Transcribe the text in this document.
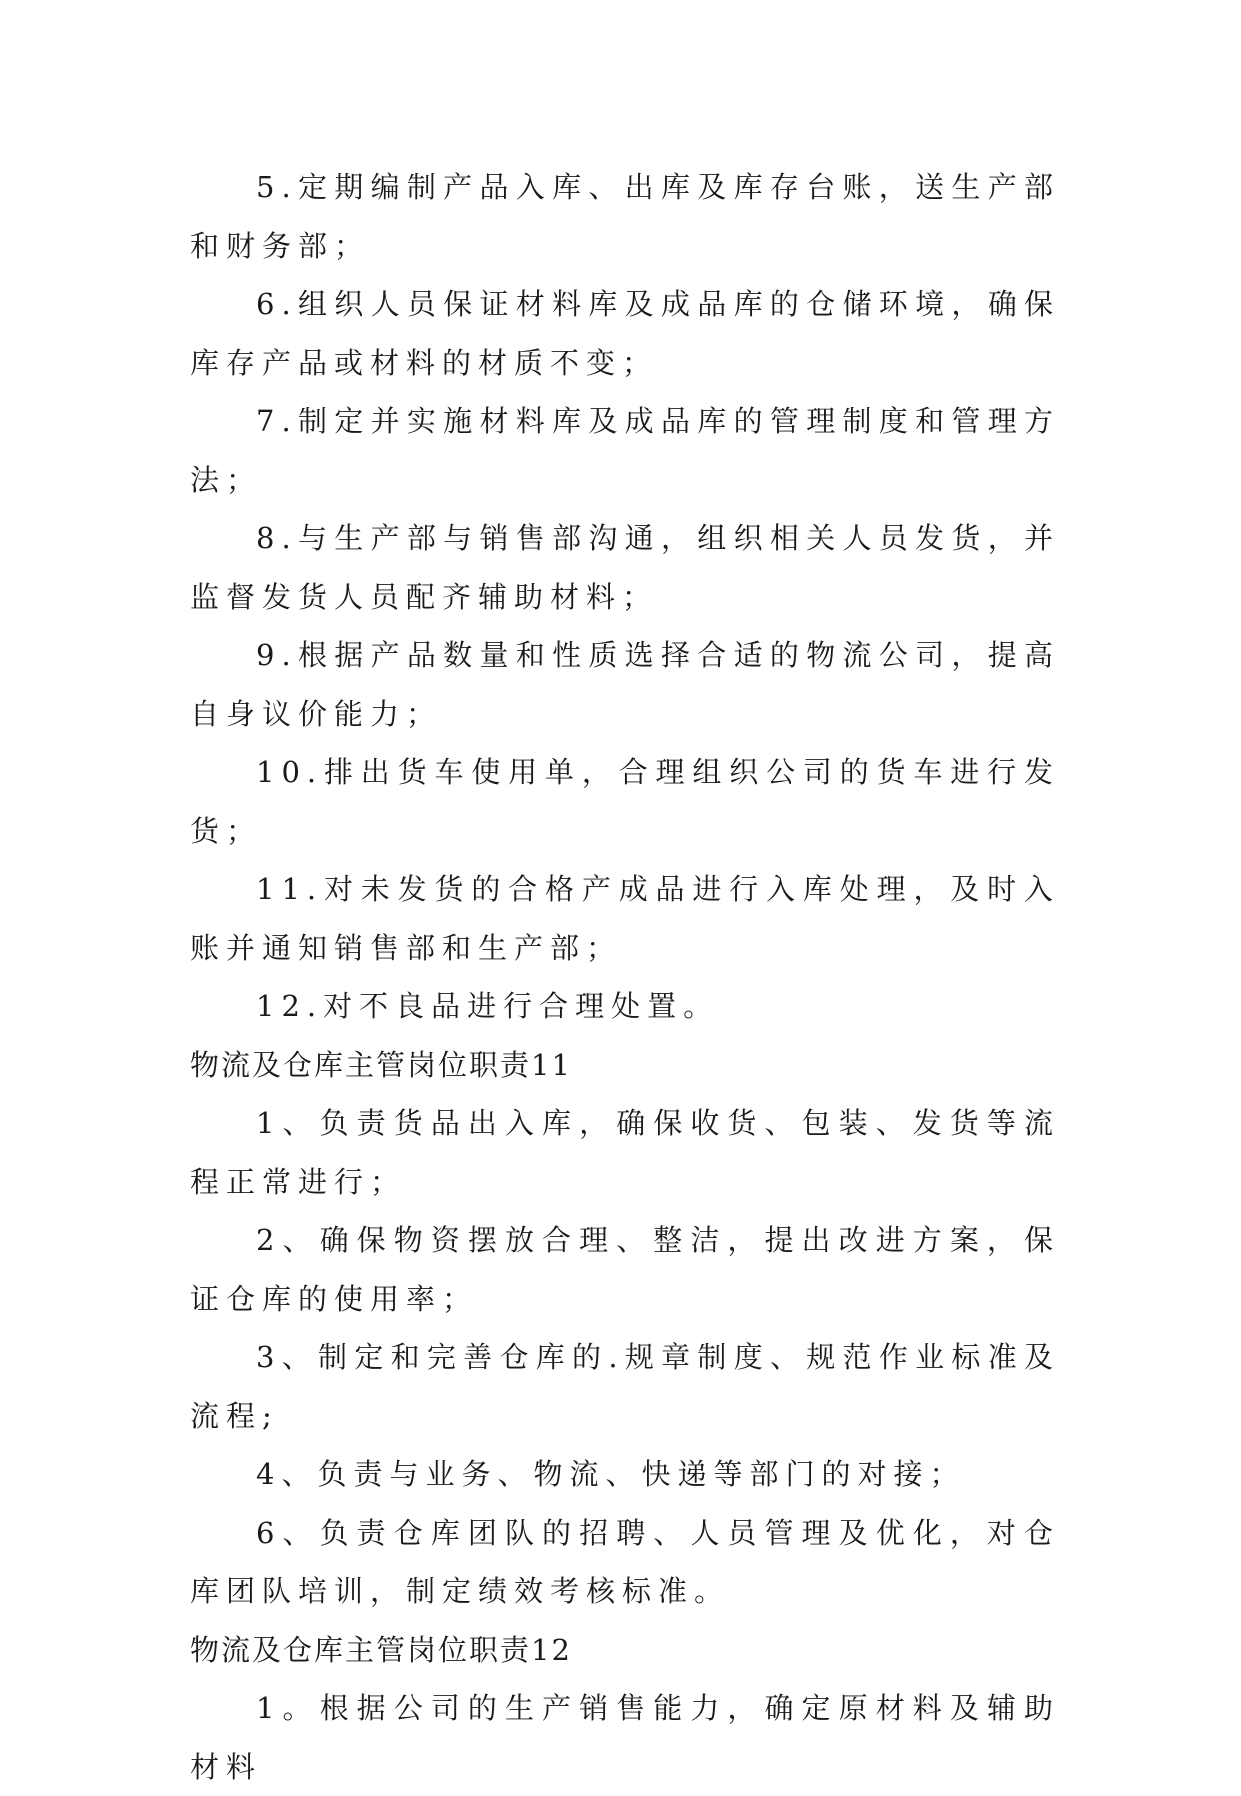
5.定期编制产品入库、出库及库存台账，送生产部和财务部；

6.组织人员保证材料库及成品库的仓储环境，确保库存产品或材料的材质不变；

7.制定并实施材料库及成品库的管理制度和管理方法；

8.与生产部与销售部沟通，组织相关人员发货，并监督发货人员配齐辅助材料；

9.根据产品数量和性质选择合适的物流公司，提高自身议价能力；

10.排出货车使用单，合理组织公司的货车进行发货；

11.对未发货的合格产成品进行入库处理，及时入账并通知销售部和生产部；

12.对不良品进行合理处置。

物流及仓库主管岗位职责11

1、负责货品出入库，确保收货、包装、发货等流程正常进行；

2、确保物资摆放合理、整洁，提出改进方案，保证仓库的使用率；

3、制定和完善仓库的.规章制度、规范作业标准及流程;

4、负责与业务、物流、快递等部门的对接；

6、负责仓库团队的招聘、人员管理及优化，对仓库团队培训，制定绩效考核标准。

物流及仓库主管岗位职责12

1。根据公司的生产销售能力，确定原材料及辅助材料
